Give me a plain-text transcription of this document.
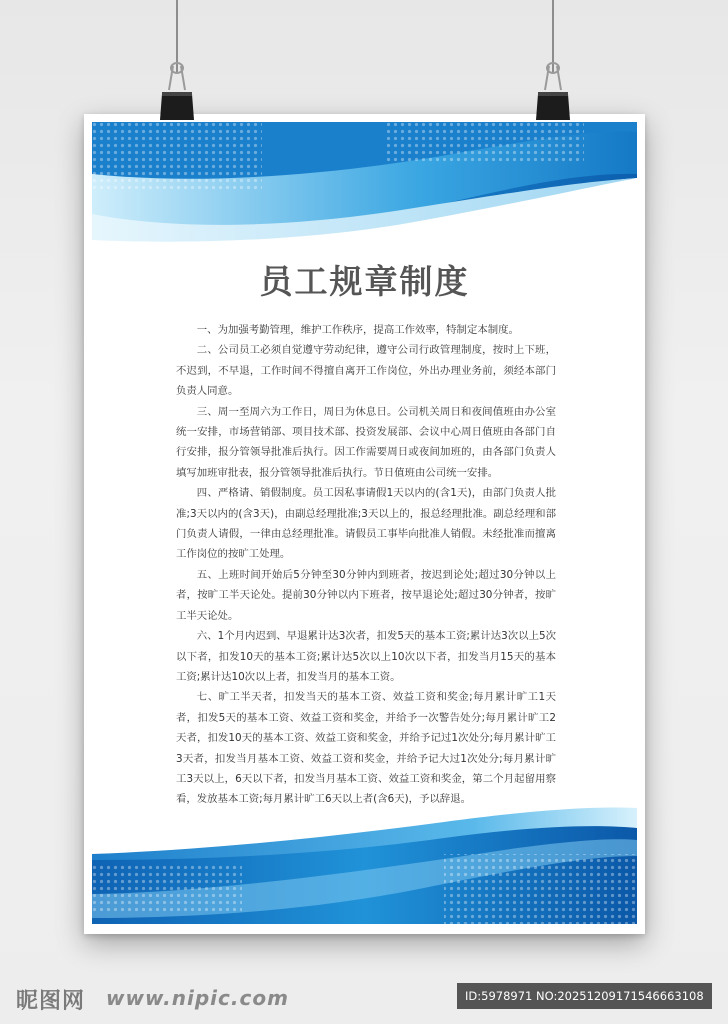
员工规章制度

一、为加强考勤管理，维护工作秩序，提高工作效率，特制定本制度。

二、公司员工必须自觉遵守劳动纪律，遵守公司行政管理制度，按时上下班，不迟到，不早退，工作时间不得擅自离开工作岗位，外出办理业务前，须经本部门负责人同意。

三、周一至周六为工作日，周日为休息日。公司机关周日和夜间值班由办公室统一安排，市场营销部、项目技术部、投资发展部、会议中心周日值班由各部门自行安排，报分管领导批准后执行。因工作需要周日或夜间加班的，由各部门负责人填写加班审批表，报分管领导批准后执行。节日值班由公司统一安排。

四、严格请、销假制度。员工因私事请假1天以内的(含1天)，由部门负责人批准;3天以内的(含3天)，由副总经理批准;3天以上的，报总经理批准。副总经理和部门负责人请假，一律由总经理批准。请假员工事毕向批准人销假。未经批准而擅离工作岗位的按旷工处理。

五、上班时间开始后5分钟至30分钟内到班者，按迟到论处;超过30分钟以上者，按旷工半天论处。提前30分钟以内下班者，按早退论处;超过30分钟者，按旷工半天论处。

六、1个月内迟到、早退累计达3次者，扣发5天的基本工资;累计达3次以上5次以下者，扣发10天的基本工资;累计达5次以上10次以下者，扣发当月15天的基本工资;累计达10次以上者，扣发当月的基本工资。

七、旷工半天者，扣发当天的基本工资、效益工资和奖金;每月累计旷工1天者，扣发5天的基本工资、效益工资和奖金，并给予一次警告处分;每月累计旷工2天者，扣发10天的基本工资、效益工资和奖金，并给予记过1次处分;每月累计旷工3天者，扣发当月基本工资、效益工资和奖金，并给予记大过1次处分;每月累计旷工3天以上，6天以下者，扣发当月基本工资、效益工资和奖金，第二个月起留用察看，发放基本工资;每月累计旷工6天以上者(含6天)，予以辞退。

昵图网 www.nipic.com	ID:5978971 NO:20251209171546663108
